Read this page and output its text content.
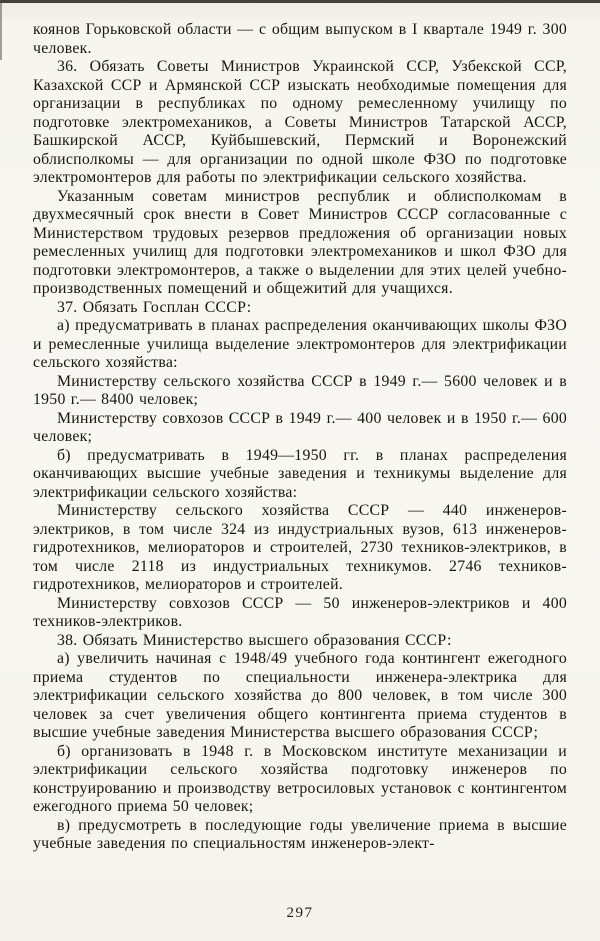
коянов Горьковской области — с общим выпуском в I квартале 1949 г. 300 человек.

36. Обязать Советы Министров Украинской ССР, Узбекской ССР, Казахской ССР и Армянской ССР изыскать необходимые помещения для организации в республиках по одному ремесленному училищу по подготовке электромехаников, а Советы Министров Татарской АССР, Башкирской АССР, Куйбышевский, Пермский и Воронежский облисполкомы — для организации по одной школе ФЗО по подготовке электромонтеров для работы по электрификации сельского хозяйства.

Указанным советам министров республик и облисполкомам в двухмесячный срок внести в Совет Министров СССР согласованные с Министерством трудовых резервов предложения об организации новых ремесленных училищ для подготовки электромехаников и школ ФЗО для подготовки электромонтеров, а также о выделении для этих целей учебно-производственных помещений и общежитий для учащихся.

37. Обязать Госплан СССР:

а) предусматривать в планах распределения оканчивающих школы ФЗО и ремесленные училища выделение электромонтеров для электрификации сельского хозяйства:

Министерству сельского хозяйства СССР в 1949 г.— 5600 человек и в 1950 г.— 8400 человек;

Министерству совхозов СССР в 1949 г.— 400 человек и в 1950 г.— 600 человек;

б) предусматривать в 1949—1950 гг. в планах распределения оканчивающих высшие учебные заведения и техникумы выделение для электрификации сельского хозяйства:

Министерству сельского хозяйства СССР — 440 инженеров-электриков, в том числе 324 из индустриальных вузов, 613 инженеров-гидротехников, мелиораторов и строителей, 2730 техников-электриков, в том числе 2118 из индустриальных техникумов. 2746 техников-гидротехников, мелиораторов и строителей.

Министерству совхозов СССР — 50 инженеров-электриков и 400 техников-электриков.

38. Обязать Министерство высшего образования СССР:

а) увеличить начиная с 1948/49 учебного года контингент ежегодного приема студентов по специальности инженера-электрика для электрификации сельского хозяйства до 800 человек, в том числе 300 человек за счет увеличения общего контингента приема студентов в высшие учебные заведения Министерства высшего образования СССР;

б) организовать в 1948 г. в Московском институте механизации и электрификации сельского хозяйства подготовку инженеров по конструированию и производству ветросиловых установок с контингентом ежегодного приема 50 человек;

в) предусмотреть в последующие годы увеличение приема в высшие учебные заведения по специальностям инженеров-элект-

297
